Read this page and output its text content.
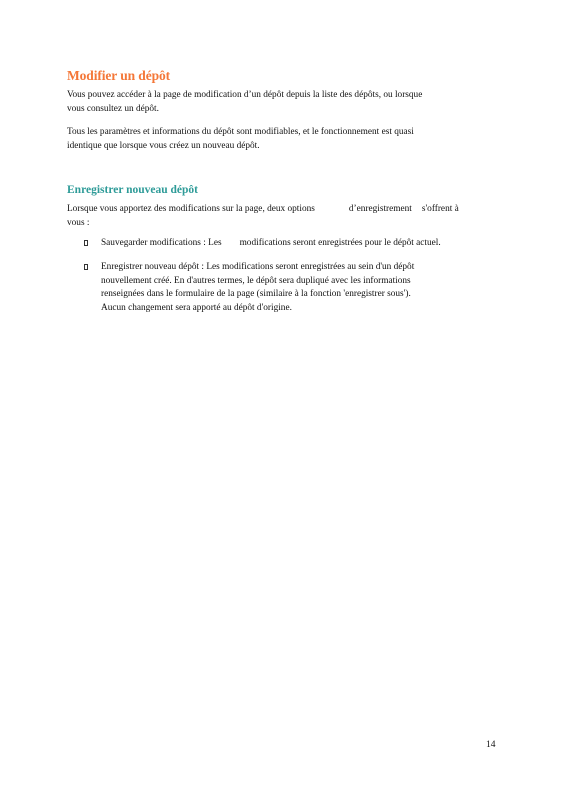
Modifier un dépôt

Vous pouvez accéder à la page de modification d’un dépôt depuis la liste des dépôts, ou lorsque
vous consultez un dépôt.

Tous les paramètres et informations du dépôt sont modifiables, et le fonctionnement est quasi
identique que lorsque vous créez un nouveau dépôt.

Enregistrer nouveau dépôt

Lorsque vous apportez des modifications sur la page, deux options	d’enregistrement s'offrent à
vous :

Sauvegarder modifications : Les modifications seront enregistrées pour le dépôt actuel.
Enregistrer nouveau dépôt : Les modifications seront enregistrées au sein d'un dépôt
nouvellement créé. En d'autres termes, le dépôt sera dupliqué avec les informations
renseignées dans le formulaire de la page (similaire à la fonction 'enregistrer sous').
Aucun changement sera apporté au dépôt d'origine.
14
